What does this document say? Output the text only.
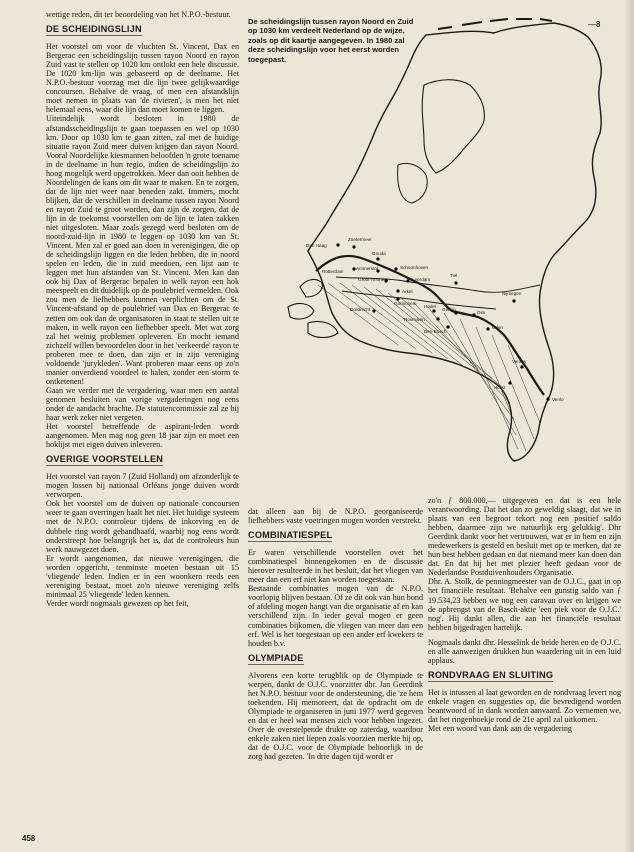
wettige reden, dit ter beoordeling van het N.P.O.-bestuur.

DE SCHEIDINGSLIJN

Het voorstel om voor de vluchten St. Vincent, Dax en Bergerac een scheidingslijn tussen rayon Noord en rayon Zuid vast te stellen op 1020 km ontlokt een hele discussie. De 1020 km-lijn was gebaseerd op de deelname. Het N.P.O.-bestuur voorzag met die lijn twee gelijkwaardige concoursen. Behalve de vraag, of men een afstandslijn moet nemen in plaats van 'de rivieren', is men het niet helemaal eens, waar die lijn dan moet komen te liggen.

Uiteindelijk wordt besloten in 1980 de afstandsscheidingslijn te gaan toepassen en wel op 1030 km. Door op 1030 km te gaan zitten, zal met de huidige situatie rayon Zuid meer duiven krijgen dan rayon Noord. Vooral Noordelijke kiesmannen beloofden 'n grote toename in de deelname in hun regio, indien de scheidingslijn zo hoog mogelijk werd opgetrokken. Meer dan ooit hebben de Noordelingen de kans om dit waar te maken. En te zorgen, dat de lijn niet weer naar beneden zakt. Immers, mocht blijken, dat de verschillen in deelname tussen rayon Noord en rayon Zuid te groot worden, dan zijn de zorgen, dat de lijn in de toekomst voorstellen om de lijn te laten zakken niet uitgesloten. Maar zoals gezegd werd besloten om de noord-zuid-lijn in 1980 te leggen op 1030 km van St. Vincent. Men zal er goed aan doen in verenigingen, die op de scheidingslijn liggen en die leden hebben, die in noord spelen en leden, die in zuid meedoen, een lijst aan te leggen met hun afstanden van St. Vincent. Men kan dan ook bij Dax of Bergerac bepalen in welk rayon een hok meespeelt en dit duidelijk op de poulebrief vermelden. Ook zou men de liefhebbers kunnen verplichten om de St. Vincent-afstand op de poulebrief van Dax en Bergerac te zetten om ook dan de organisatoren in staat te stellen uit te maken, in welk rayon een liefhebber speelt. Met wat zorg zal het weinig problemen opleveren. En mocht iemand zichzelf willen bevoordelen door in het 'verkeerde' rayon te proberen mee te doen, dan zijn er in zijn vereniging voldoende 'jurykleden'. Want proberen maar eens op zo'n manier onverdiend voordeel te halen, zonder een storm te ontketenen!

Gaan we verder met de vergadering, waar men een aantal genomen besluiten van vorige vergaderingen nog eens onder de aandacht brachte. De statutencommissie zal ze bij haar werk zeker niet vergeten.

Het voorstel betreffende de aspirant-leden wordt aangenomen. Men mag nog geen 18 jaar zijn en moet een hoklijst met eigen duiven inleveren.

OVERIGE VOORSTELLEN

Het voorstel van rayon 7 (Zuid Holland) om afzonderlijk te mogen lossen bij nationaal Orléans jonge duiven wordt verworpen.

Ook het voorstel om de duiven op nationale concoursen weer te gaan overringen haalt het niet. Het huidige systeem met de N.P.O. controleur tijdens de inkorving en de dubbele ring wordt gehandhaafd, waarbij nog eens wordt onderstreept hoe belangrijk het is, dat de controleurs hun werk nauwgezet doen.

Er wordt aangenomen, dat nieuwe verenigingen, die worden opgericht, tenminste moeten bestaan uit 15 'vliegende' leden. Indien er in een woonkern reeds een vereniging bestaat, moet zo'n nieuwe vereniging zelfs minimaal 25 'vliegende' leden kennen.

Verder wordt nogmaals gewezen op het feit,

De scheidingslijn tussen rayon Noord en Zuid op 1030 km verdeelt Nederland op de wijze, zoals op dit kaartje aangegeven. In 1980 zal deze scheidingslijn voor het eerst worden toegepast.
Den Haag
Zoetermeer
Gouda
Rotterdam
Ammerstol	Schoonhoven
Groot-Ammers	Leerdam
Tiel
Arkel
Gorinchem
Nijmegen
Dordrecht
Hedel
Geffen
Oss
Rosmalen
Den Bosch
Uden
Venray
Horst
Venlo
—8

dat alleen aan bij de N.P.O. georganiseerde liefhebbers vaste voetringen mogen worden verstrekt.

COMBINATIESPEL

Er waren verschillende voorstellen over het combinatiespel binnengekomen en de discussie hierover resulteerde in het besluit, dat het vliegen van meer dan een erf niet kan worden toegestaan.

Bestaande combinaties mogen van de N.P.O. voorlopig blijven bestaan. Of ze dit ook van hun bond of afdeling mogen hangt van die organisatie af en kan verschillend zijn. In ieder geval mogen er geen combinaties bijkomen, die vliegen van meer dan een erf. Wel is het toegestaan op een ander erf kwekers te houden b.v.

OLYMPIADE

Alvorens een korte terugblik op de Olympiade te werpen, dankt de O.J.C. voorzitter dhr. Jan Geerdink het N.P.O. bestuur voor de ondersteuning, die 'ze hem toekenden. Hij memoreert, dat de opdracht om de Olympiade te organiseren in juni 1977 werd gegeven en dat er heel wat mensen zich voor hebben ingezet. Over de overstelpende drukte op zaterdag, waardoor enkele zaken niet liepen zoals voorzien merkte hij op, dat de O.J.C. voor de Olympiade behoorlijk in de zorg had gezeten. 'In drie dagen tijd wordt er

zo'n ƒ 800.000,— uitgegeven en dat is een hele verantwoording. Dat het dan zo geweldig slaagt, dat we in plaats van een begroot tekort nog een positief saldo hebben, daarmee zijn we natuurlijk erg gelukkig'. Dhr Geerdink dankt voor het vertrouwen, wat er in hem en zijn medewerkers is gesteld en besluit met op te merken, dat ze hun best hebben gedaan en dat niemand meer kan doen dan dat. En dat hij het met plezier heeft gedaan voor de Nederlandse Postduivenhouders Organisatie.

Dhr. A. Stolk, de penningmeester van de O.J.C., gaat in op het financiële resultaat. 'Behalve een gunstig saldo van ƒ 19.534,23 hebben we nog een caravan over en krijgen we de opbrengst van de Basch-aktie 'een piek voor de O.J.C.' nog'. Hij dankt allen, die aan het financiële resultaat hebben bijgedragen hartelijk.

Nogmaals dankt dhr. Hesselink de beide heren en de O.J.C. en alle aanwezigen drukken hun waardering uit in een luid applaus.

RONDVRAAG EN SLUITING

Het is intussen al laat geworden en de rondvraag levert nog enkele vragen en suggesties op, die bevredigend worden beantwoord of in dank worden aanvaard. Zo vernemen we, dat het ringenboekje rond de 21e april zal uitkomen.

Met een woord van dank aan de vergadering

458
